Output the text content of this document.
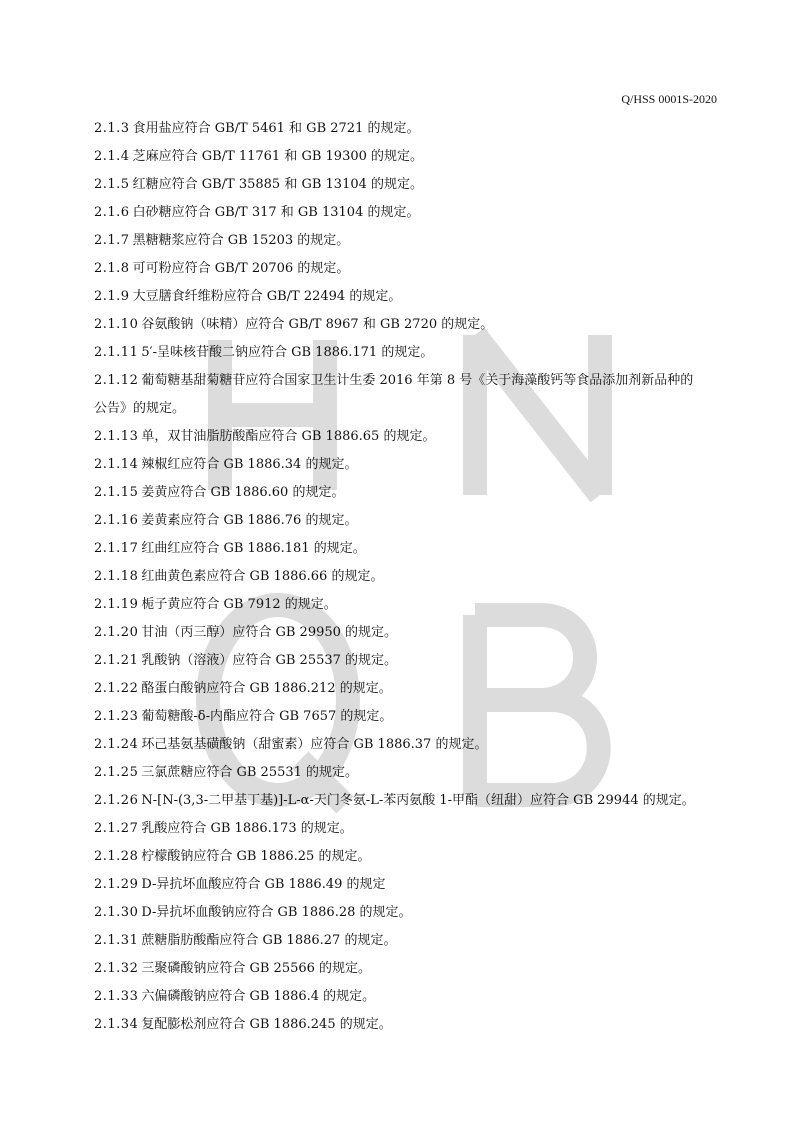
Q/HSS 0001S-2020
2.1.3 食用盐应符合 GB/T 5461 和 GB 2721 的规定。
2.1.4 芝麻应符合 GB/T 11761 和 GB 19300 的规定。
2.1.5 红糖应符合 GB/T 35885 和 GB 13104 的规定。
2.1.6 白砂糖应符合 GB/T 317 和 GB 13104 的规定。
2.1.7 黑糖糖浆应符合 GB 15203 的规定。
2.1.8 可可粉应符合 GB/T 20706 的规定。
2.1.9 大豆膳食纤维粉应符合 GB/T 22494 的规定。
2.1.10 谷氨酸钠（味精）应符合 GB/T 8967 和 GB 2720 的规定。
2.1.11 5′-呈味核苷酸二钠应符合 GB 1886.171 的规定。
2.1.12 葡萄糖基甜菊糖苷应符合国家卫生计生委 2016 年第 8 号《关于海藻酸钙等食品添加剂新品种的
公告》的规定。
2.1.13 单，双甘油脂肪酸酯应符合 GB 1886.65 的规定。
2.1.14 辣椒红应符合 GB 1886.34 的规定。
2.1.15 姜黄应符合 GB 1886.60 的规定。
2.1.16 姜黄素应符合 GB 1886.76 的规定。
2.1.17 红曲红应符合 GB 1886.181 的规定。
2.1.18 红曲黄色素应符合 GB 1886.66 的规定。
2.1.19 栀子黄应符合 GB 7912 的规定。
2.1.20 甘油（丙三醇）应符合 GB 29950 的规定。
2.1.21 乳酸钠（溶液）应符合 GB 25537 的规定。
2.1.22 酪蛋白酸钠应符合 GB 1886.212 的规定。
2.1.23 葡萄糖酸-δ-内酯应符合 GB 7657 的规定。
2.1.24 环己基氨基磺酸钠（甜蜜素）应符合 GB 1886.37 的规定。
2.1.25 三氯蔗糖应符合 GB 25531 的规定。
2.1.26 N-[N-(3,3-二甲基丁基)]-L-α-天门冬氨-L-苯丙氨酸 1-甲酯（纽甜）应符合 GB 29944 的规定。
2.1.27 乳酸应符合 GB 1886.173 的规定。
2.1.28 柠檬酸钠应符合 GB 1886.25 的规定。
2.1.29 D-异抗坏血酸应符合 GB 1886.49 的规定
2.1.30 D-异抗坏血酸钠应符合 GB 1886.28 的规定。
2.1.31 蔗糖脂肪酸酯应符合 GB 1886.27 的规定。
2.1.32 三聚磷酸钠应符合 GB 25566 的规定。
2.1.33 六偏磷酸钠应符合 GB 1886.4 的规定。
2.1.34 复配膨松剂应符合 GB 1886.245 的规定。
